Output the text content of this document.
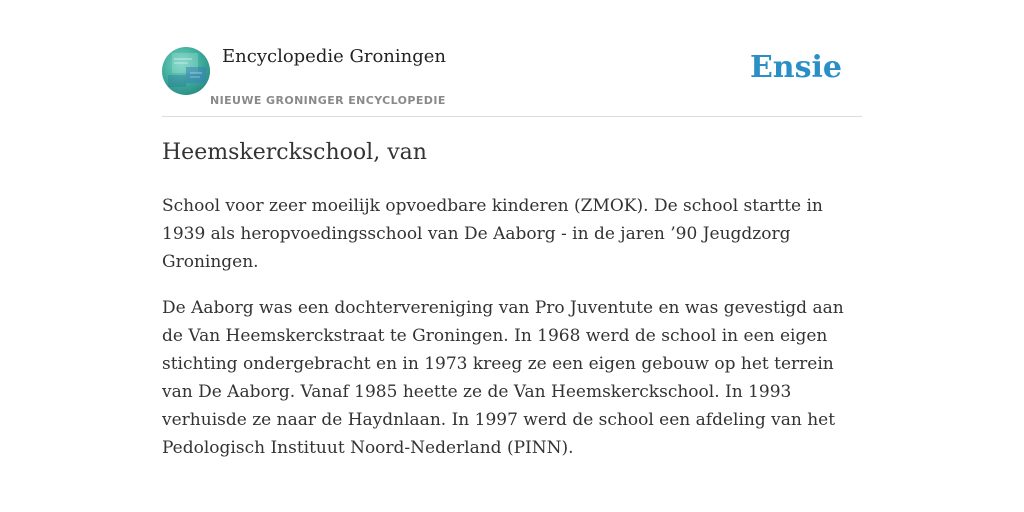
Encyclopedie Groningen
NIEUWE GRONINGER ENCYCLOPEDIE
Ensie
Heemskerckschool, van

School voor zeer moeilijk opvoedbare kinderen (ZMOK). De school startte in 1939 als heropvoedingsschool van De Aaborg - in de jaren ’90 Jeugdzorg Groningen.

De Aaborg was een dochtervereniging van Pro Juventute en was gevestigd aan de Van Heemskerckstraat te Groningen. In 1968 werd de school in een eigen stichting ondergebracht en in 1973 kreeg ze een eigen gebouw op het terrein van De Aaborg. Vanaf 1985 heette ze de Van Heemskerckschool. In 1993 verhuisde ze naar de Haydnlaan. In 1997 werd de school een afdeling van het Pedologisch Instituut Noord-Nederland (PINN).
